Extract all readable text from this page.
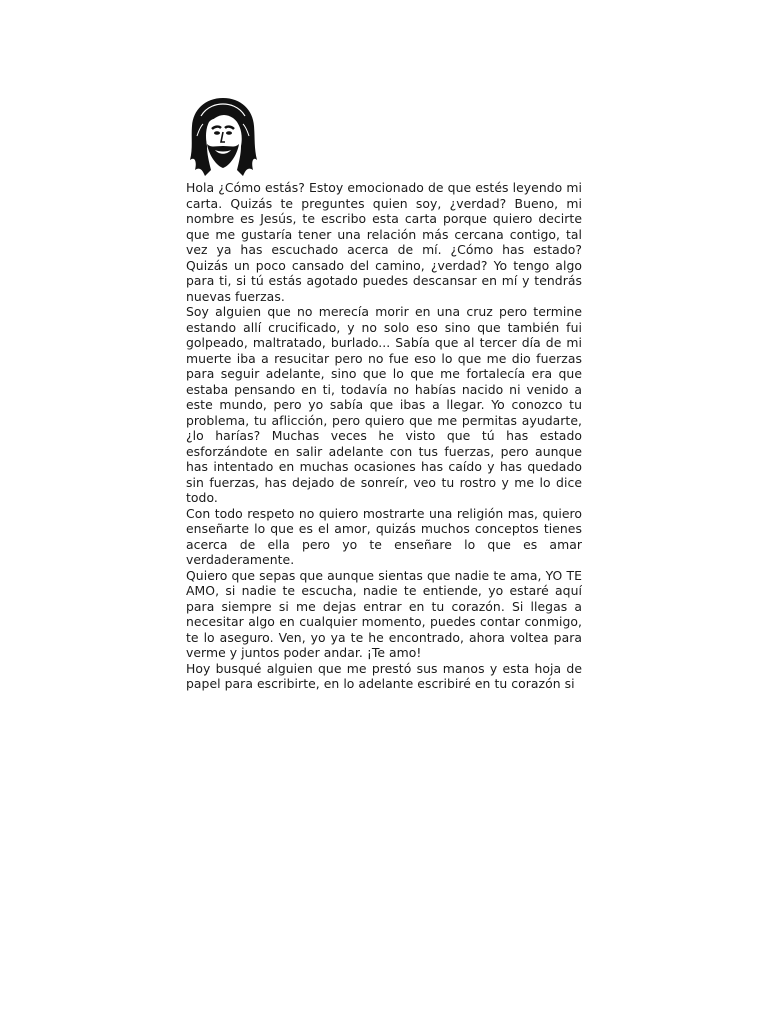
Hola ¿Cómo estás? Estoy emocionado de que estés leyendo mi carta. Quizás te preguntes quien soy, ¿verdad? Bueno, mi nombre es Jesús, te escribo esta carta porque quiero decirte que me gustaría tener una relación más cercana contigo, tal vez ya has escuchado acerca de mí. ¿Cómo has estado? Quizás un poco cansado del camino, ¿verdad? Yo tengo algo para ti, si tú estás agotado puedes descansar en mí y tendrás nuevas fuerzas.

Soy alguien que no merecía morir en una cruz pero termine estando allí crucificado, y no solo eso sino que también fui golpeado, maltratado, burlado... Sabía que al tercer día de mi muerte iba a resucitar pero no fue eso lo que me dio fuerzas para seguir adelante, sino que lo que me fortalecía era que estaba pensando en ti, todavía no habías nacido ni venido a este mundo, pero yo sabía que ibas a llegar. Yo conozco tu problema, tu aflicción, pero quiero que me permitas ayudarte, ¿lo harías? Muchas veces he visto que tú has estado esforzándote en salir adelante con tus fuerzas, pero aunque has intentado en muchas ocasiones has caído y has quedado sin fuerzas, has dejado de sonreír, veo tu rostro y me lo dice todo.

Con todo respeto no quiero mostrarte una religión mas, quiero enseñarte lo que es el amor, quizás muchos conceptos tienes acerca de ella pero yo te enseñare lo que es amar verdaderamente.

Quiero que sepas que aunque sientas que nadie te ama, YO TE AMO, si nadie te escucha, nadie te entiende, yo estaré aquí para siempre si me dejas entrar en tu corazón. Si llegas a necesitar algo en cualquier momento, puedes contar conmigo, te lo aseguro. Ven, yo ya te he encontrado, ahora voltea para verme y juntos poder andar. ¡Te amo!

Hoy busqué alguien que me prestó sus manos y esta hoja de papel para escribirte, en lo adelante escribiré en tu corazón si
